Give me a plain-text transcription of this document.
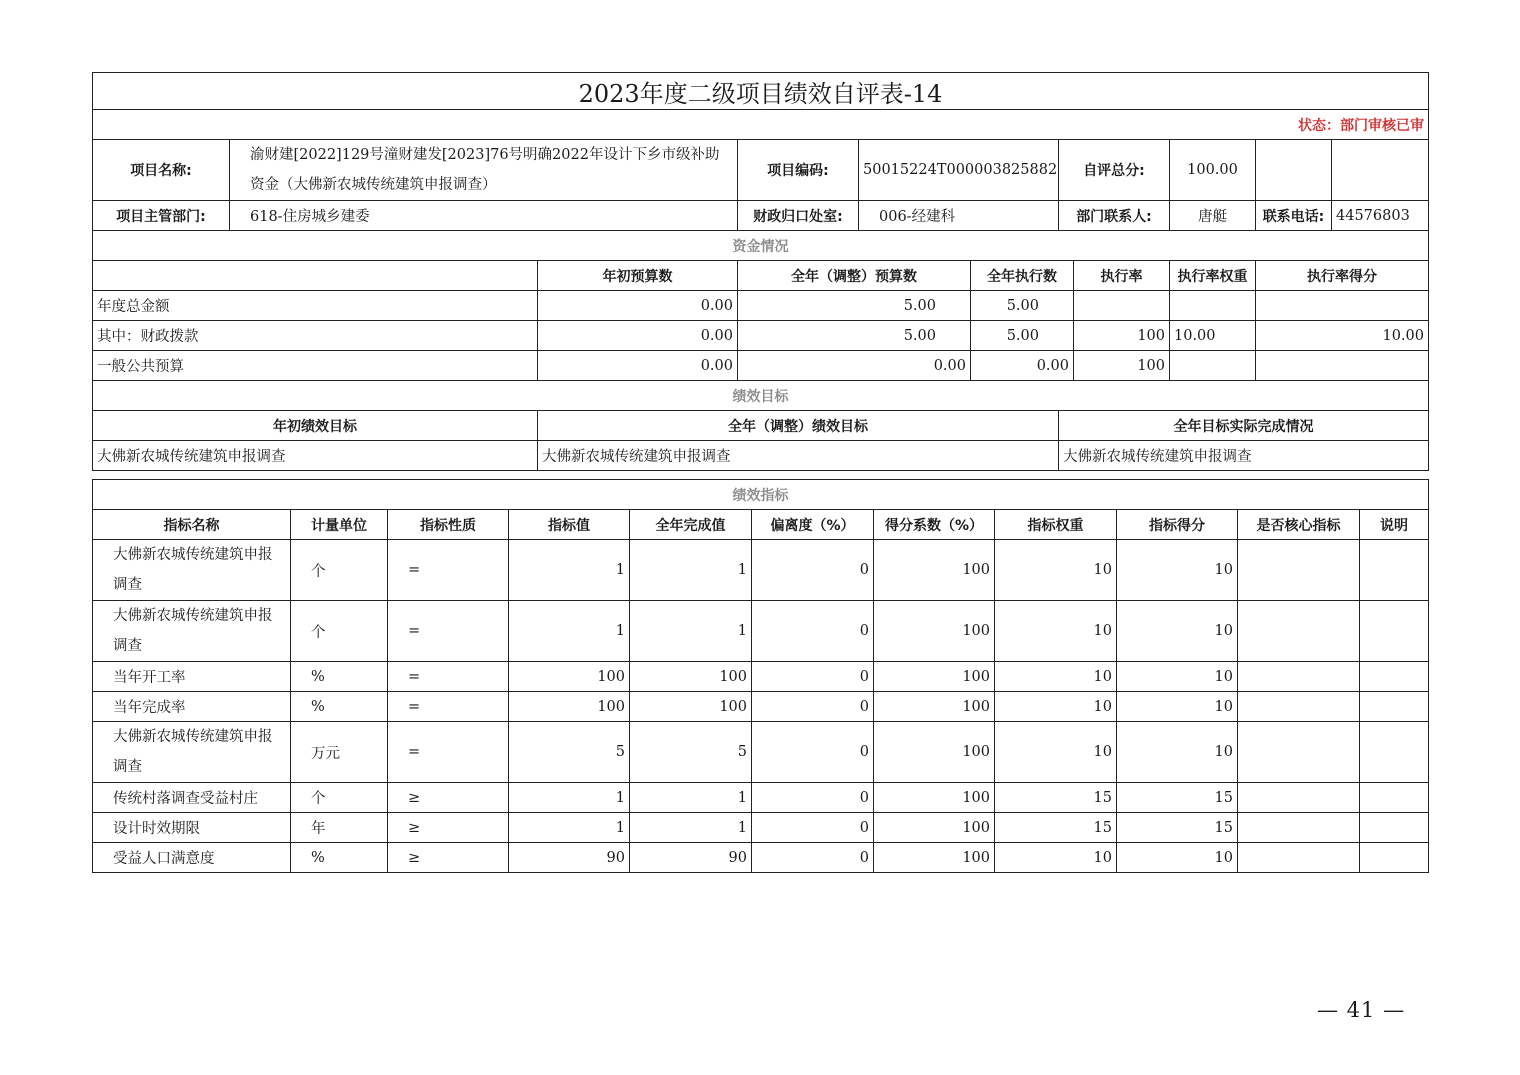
2023年度二级项目绩效自评表-14										
状态：部门审核已审										
项目名称:	渝财建[2022]129号潼财建发[2023]76号明确2022年设计下乡市级补助资金（大佛新农城传统建筑申报调查）		项目编码:	50015224T000003825882		自评总分:		100.00		
项目主管部门:	618-住房城乡建委		财政归口处室:	006-经建科		部门联系人:		唐艇	联系电话:	44576803
资金情况										
		年初预算数	全年（调整）预算数		全年执行数		执行率	执行率权重	执行率得分	
年度总金额		0.00	5.00		5.00					
其中：财政拨款		0.00	5.00		5.00		100	10.00	10.00	
一般公共预算		0.00	0.00		0.00		100			
绩效目标										
年初绩效目标		全年（调整）绩效目标				全年目标实际完成情况				
大佛新农城传统建筑申报调查		大佛新农城传统建筑申报调查				大佛新农城传统建筑申报调查				
绩效指标										
指标名称	计量单位	指标性质	指标值	全年完成值	偏离度（%）	得分系数（%）	指标权重	指标得分	是否核心指标	说明
大佛新农城传统建筑申报调查	个	=	1	1	0	100	10	10		
大佛新农城传统建筑申报调查	个	=	1	1	0	100	10	10		
当年开工率	%	=	100	100	0	100	10	10		
当年完成率	%	=	100	100	0	100	10	10		
大佛新农城传统建筑申报调查	万元	=	5	5	0	100	10	10		
传统村落调查受益村庄	个	≥	1	1	0	100	15	15		
设计时效期限	年	≥	1	1	0	100	15	15		
受益人口满意度	%	≥	90	90	0	100	10	10		
— 41 —
